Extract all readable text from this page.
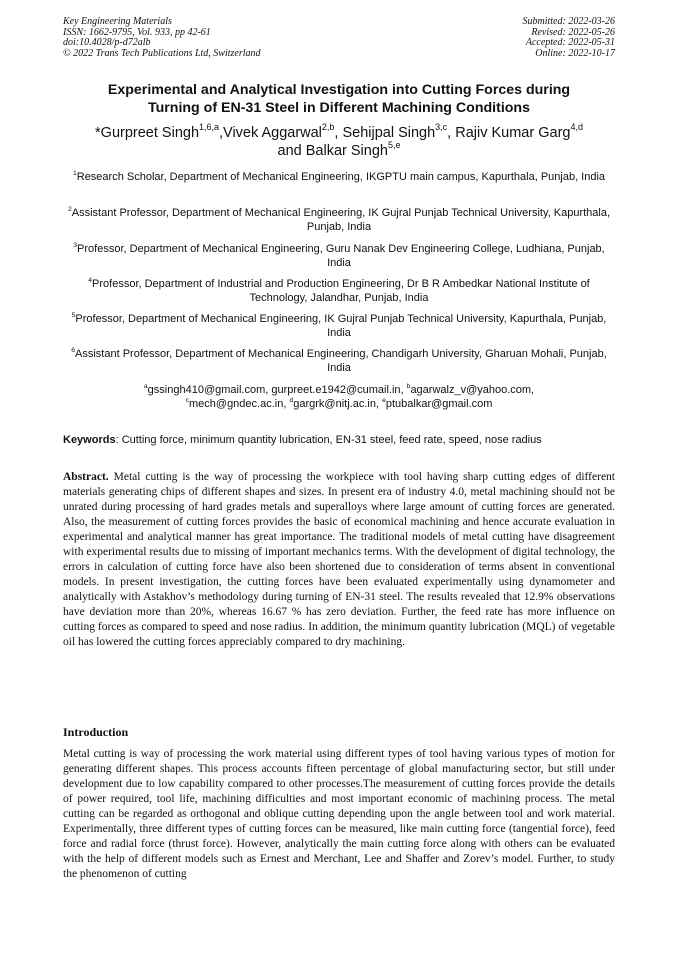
Key Engineering Materials
ISSN: 1662-9795, Vol. 933, pp 42-61
doi:10.4028/p-d72alb
© 2022 Trans Tech Publications Ltd, Switzerland
Submitted: 2022-03-26
Revised: 2022-05-26
Accepted: 2022-05-31
Online: 2022-10-17
Experimental and Analytical Investigation into Cutting Forces during
Turning of EN-31 Steel in Different Machining Conditions
*Gurpreet Singh$^{1,6,a}$,Vivek Aggarwal$^{2,b}$, Sehijpal Singh$^{3,c}$, Rajiv Kumar Garg$^{4,d}$
and Balkar Singh$^{5,e}$
$^1$Research Scholar, Department of Mechanical Engineering, IKGPTU main campus, Kapurthala, Punjab, India
$^2$Assistant Professor, Department of Mechanical Engineering, IK Gujral Punjab Technical University, Kapurthala, Punjab, India
$^3$Professor, Department of Mechanical Engineering, Guru Nanak Dev Engineering College, Ludhiana, Punjab, India
$^4$Professor, Department of Industrial and Production Engineering, Dr B R Ambedkar National Institute of Technology, Jalandhar, Punjab, India
$^5$Professor, Department of Mechanical Engineering, IK Gujral Punjab Technical University, Kapurthala, Punjab, India
$^6$Assistant Professor, Department of Mechanical Engineering, Chandigarh University, Gharuan Mohali, Punjab, India
$^a$gssingh410@gmail.com, gurpreet.e1942@cumail.in, $^b$agarwalz_v@yahoo.com,
$^c$mech@gndec.ac.in, $^d$gargrk@nitj.ac.in, $^e$ptubalkar@gmail.com
Keywords: Cutting force, minimum quantity lubrication, EN-31 steel, feed rate, speed, nose radius
Abstract. Metal cutting is the way of processing the workpiece with tool having sharp cutting edges of different materials generating chips of different shapes and sizes. In present era of industry 4.0, metal machining should not be unrated during processing of hard grades metals and superalloys where large amount of cutting forces are generated. Also, the measurement of cutting forces provides the basic of economical machining and hence accurate evaluation in experimental and analytical manner has great importance. The traditional models of metal cutting have disagreement with experimental results due to missing of important mechanics terms. With the development of digital technology, the errors in calculation of cutting force have also been shortened due to consideration of terms absent in conventional models. In present investigation, the cutting forces have been evaluated experimentally using dynamometer and analytically with Astakhov’s methodology during turning of EN-31 steel. The results revealed that 12.9% observations have deviation more than 20%, whereas 16.67 % has zero deviation. Further, the feed rate has more influence on cutting forces as compared to speed and nose radius. In addition, the minimum quantity lubrication (MQL) of vegetable oil has lowered the cutting forces appreciably compared to dry machining.
Introduction
Metal cutting is way of processing the work material using different types of tool having various types of motion for generating different shapes. This process accounts fifteen percentage of global manufacturing sector, but still under development due to low capability compared to other processes.The measurement of cutting forces provide the details of power required, tool life, machining difficulties and most important economic of machining process. The metal cutting can be regarded as orthogonal and oblique cutting depending upon the angle between tool and work material. Experimentally, three different types of cutting forces can be measured, like main cutting force (tangential force), feed force and radial force (thrust force). However, analytically the main cutting force along with others can be evaluated with the help of different models such as Ernest and Merchant, Lee and Shaffer and Zorev’s model. Further, to study the phenomenon of cutting
